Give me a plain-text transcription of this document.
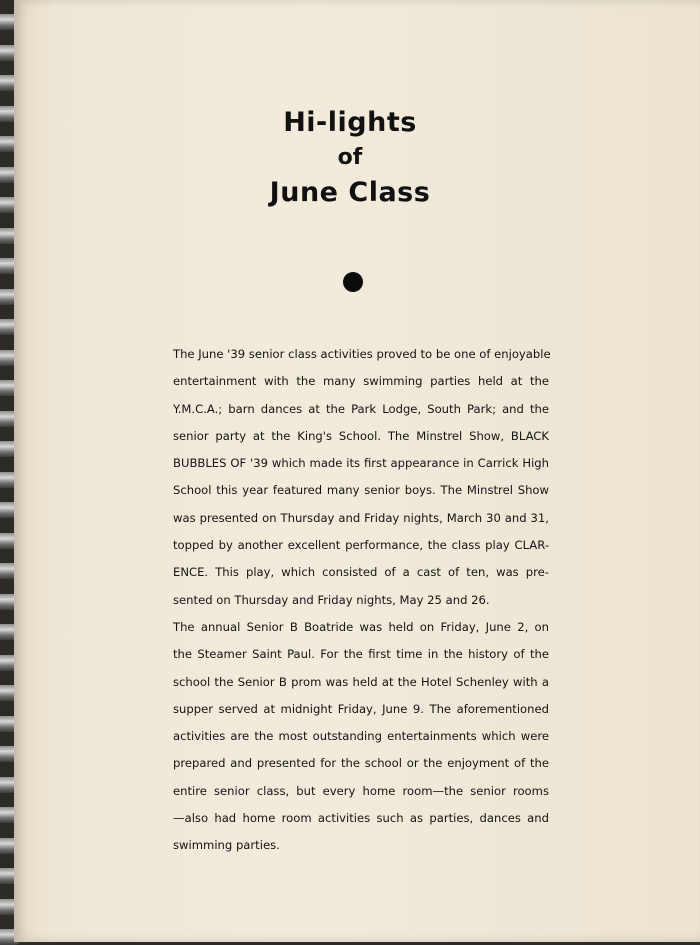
Hi-lights
of
June Class
The June '39 senior class activities proved to be one of enjoyable
entertainment with the many swimming parties held at the
Y.M.C.A.; barn dances at the Park Lodge, South Park; and the
senior party at the King's School. The Minstrel Show, BLACK
BUBBLES OF '39 which made its first appearance in Carrick High
School this year featured many senior boys. The Minstrel Show
was presented on Thursday and Friday nights, March 30 and 31,
topped by another excellent performance, the class play CLAR-
ENCE. This play, which consisted of a cast of ten, was pre-
sented on Thursday and Friday nights, May 25 and 26.
The annual Senior B Boatride was held on Friday, June 2, on
the Steamer Saint Paul. For the first time in the history of the
school the Senior B prom was held at the Hotel Schenley with a
supper served at midnight Friday, June 9. The aforementioned
activities are the most outstanding entertainments which were
prepared and presented for the school or the enjoyment of the
entire senior class, but every home room—the senior rooms
—also had home room activities such as parties, dances and
swimming parties.
